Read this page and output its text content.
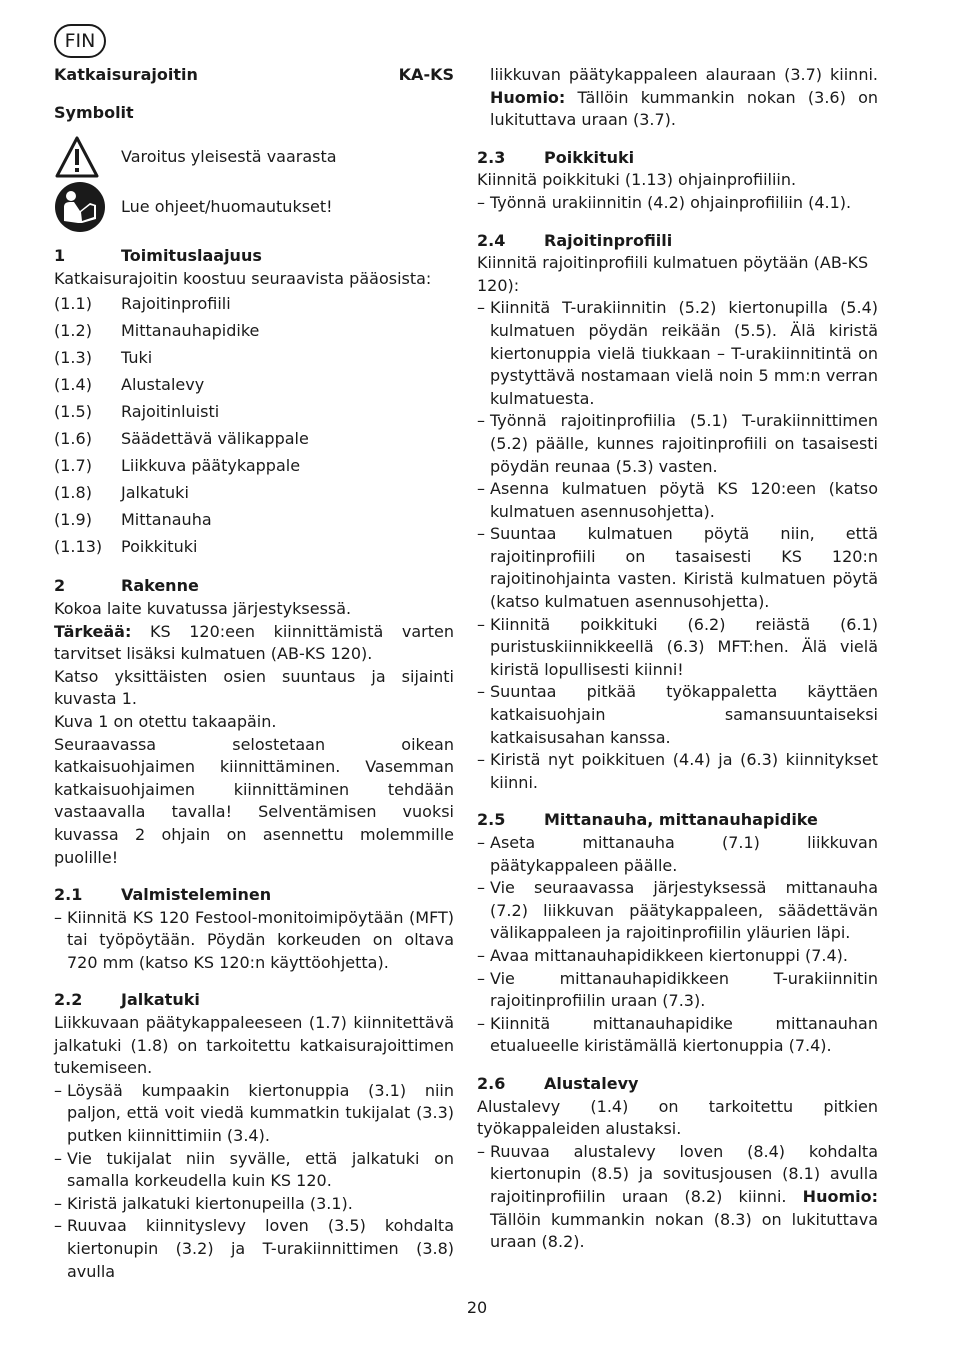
FIN
Katkaisurajoitin	KA-KS

Symbolit

Varoitus yleisestä vaarasta
Lue ohjeet/huomautukset!

1	Toimituslaajuus

Katkaisurajoitin koostuu seuraavista pääosista:

(1.1)	Rajoitinprofiili
(1.2)	Mittanauhapidike
(1.3)	Tuki
(1.4)	Alustalevy
(1.5)	Rajoitinluisti
(1.6)	Säädettävä välikappale
(1.7)	Liikkuva päätykappale
(1.8)	Jalkatuki
(1.9)	Mittanauha
(1.13)	Poikkituki

2	Rakenne

Kokoa laite kuvatussa järjestyksessä.

Tärkeää: KS 120:een kiinnittämistä varten tarvitset lisäksi kulmatuen (AB-KS 120).

Katso yksittäisten osien suuntaus ja sijainti kuvasta 1.

Kuva 1 on otettu takaapäin.

Seuraavassa selostetaan oikean katkaisuohjaimen kiinnittäminen. Vasemman katkaisuohjaimen kiinnittäminen tehdään vastaavalla tavalla! Selventämisen vuoksi kuvassa 2 ohjain on asennettu molemmille puolille!

2.1	Valmisteleminen

– Kiinnitä KS 120 Festool-monitoimipöytään (MFT) tai työpöytään. Pöydän korkeuden on oltava 720 mm (katso KS 120:n käyttöohjetta).

2.2	Jalkatuki

Liikkuvaan päätykappaleeseen (1.7) kiinnitettävä jalkatuki (1.8) on tarkoitettu katkaisurajoittimen tukemiseen.

– Löysää kumpaakin kiertonuppia (3.1) niin paljon, että voit viedä kummatkin tukijalat (3.3) putken kiinnittimiin (3.4).
– Vie tukijalat niin syvälle, että jalkatuki on samalla korkeudella kuin KS 120.
– Kiristä jalkatuki kiertonupeilla (3.1).
– Ruuvaa kiinnityslevy loven (3.5) kohdalta kiertonupin (3.2) ja T-urakiinnittimen (3.8) avulla

liikkuvan päätykappaleen alauraan (3.7) kiinni. Huomio: Tällöin kummankin nokan (3.6) on lukituttava uraan (3.7).

2.3	Poikkituki

Kiinnitä poikkituki (1.13) ohjainprofiiliin.

– Työnnä urakiinnitin (4.2) ohjainprofiiliin (4.1).

2.4	Rajoitinprofiili

Kiinnitä rajoitinprofiili kulmatuen pöytään (AB-KS 120):

– Kiinnitä T-urakiinnitin (5.2) kiertonupilla (5.4) kulmatuen pöydän reikään (5.5). Älä kiristä kiertonuppia vielä tiukkaan – T-urakiinnitintä on pystyttävä nostamaan vielä noin 5 mm:n verran kulmatuesta.
– Työnnä rajoitinprofiilia (5.1) T-urakiinnittimen (5.2) päälle, kunnes rajoitinprofiili on tasaisesti pöydän reunaa (5.3) vasten.
– Asenna kulmatuen pöytä KS 120:een (katso kulmatuen asennusohjetta).
– Suuntaa kulmatuen pöytä niin, että rajoitinprofiili on tasaisesti KS 120:n rajoitinohjainta vasten. Kiristä kulmatuen pöytä (katso kulmatuen asennusohjetta).
– Kiinnitä poikkituki (6.2) reiästä (6.1) puristuskiinnikkeellä (6.3) MFT:hen. Älä vielä kiristä lopullisesti kiinni!
– Suuntaa pitkää työkappaletta käyttäen katkaisuohjain samansuuntaiseksi katkaisusahan kanssa.
– Kiristä nyt poikkituen (4.4) ja (6.3) kiinnitykset kiinni.

2.5	Mittanauha, mittanauhapidike

– Aseta mittanauha (7.1) liikkuvan päätykappaleen päälle.
– Vie seuraavassa järjestyksessä mittanauha (7.2) liikkuvan päätykappaleen, säädettävän välikappaleen ja rajoitinprofiilin yläurien läpi.
– Avaa mittanauhapidikkeen kiertonuppi (7.4).
– Vie mittanauhapidikkeen T-urakiinnitin rajoitinprofiilin uraan (7.3).
– Kiinnitä mittanauhapidike mittanauhan etualueelle kiristämällä kiertonuppia (7.4).

2.6	Alustalevy

Alustalevy (1.4) on tarkoitettu pitkien työkappaleiden alustaksi.

– Ruuvaa alustalevy loven (8.4) kohdalta kiertonupin (8.5) ja sovitusjousen (8.1) avulla rajoitinprofiilin uraan (8.2) kiinni. Huomio: Tällöin kummankin nokan (8.3) on lukituttava uraan (8.2).
20
